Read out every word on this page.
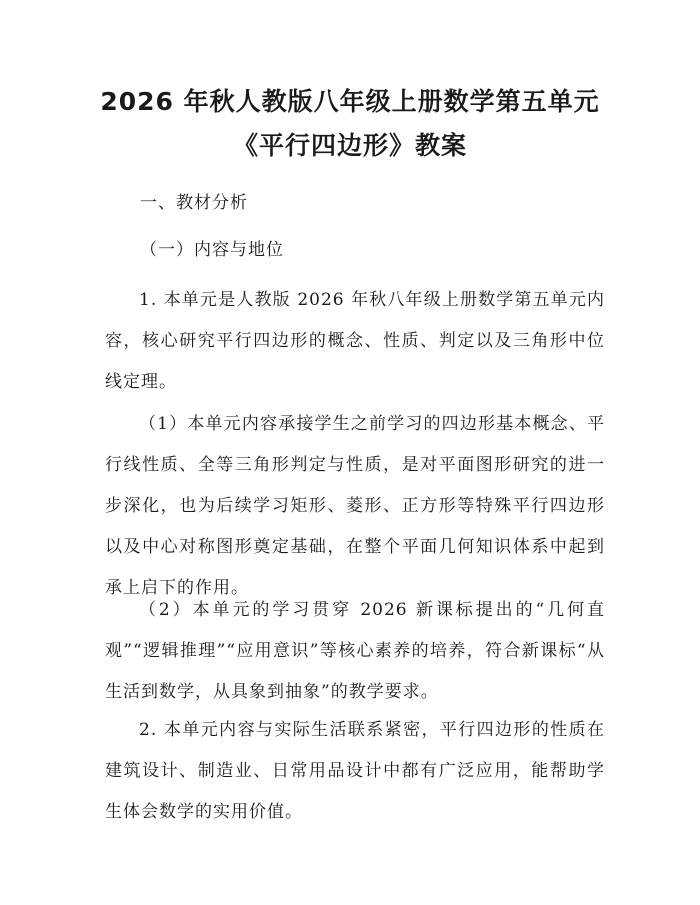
2026 年秋人教版八年级上册数学第五单元
《平行四边形》教案

一、教材分析

（一）内容与地位

1. 本单元是人教版 2026 年秋八年级上册数学第五单元内容，核心研究平行四边形的概念、性质、判定以及三角形中位线定理。

（1）本单元内容承接学生之前学习的四边形基本概念、平行线性质、全等三角形判定与性质，是对平面图形研究的进一步深化，也为后续学习矩形、菱形、正方形等特殊平行四边形以及中心对称图形奠定基础，在整个平面几何知识体系中起到承上启下的作用。

（2）本单元的学习贯穿 2026 新课标提出的“几何直观”“逻辑推理”“应用意识”等核心素养的培养，符合新课标“从生活到数学，从具象到抽象”的教学要求。

2. 本单元内容与实际生活联系紧密，平行四边形的性质在建筑设计、制造业、日常用品设计中都有广泛应用，能帮助学生体会数学的实用价值。
